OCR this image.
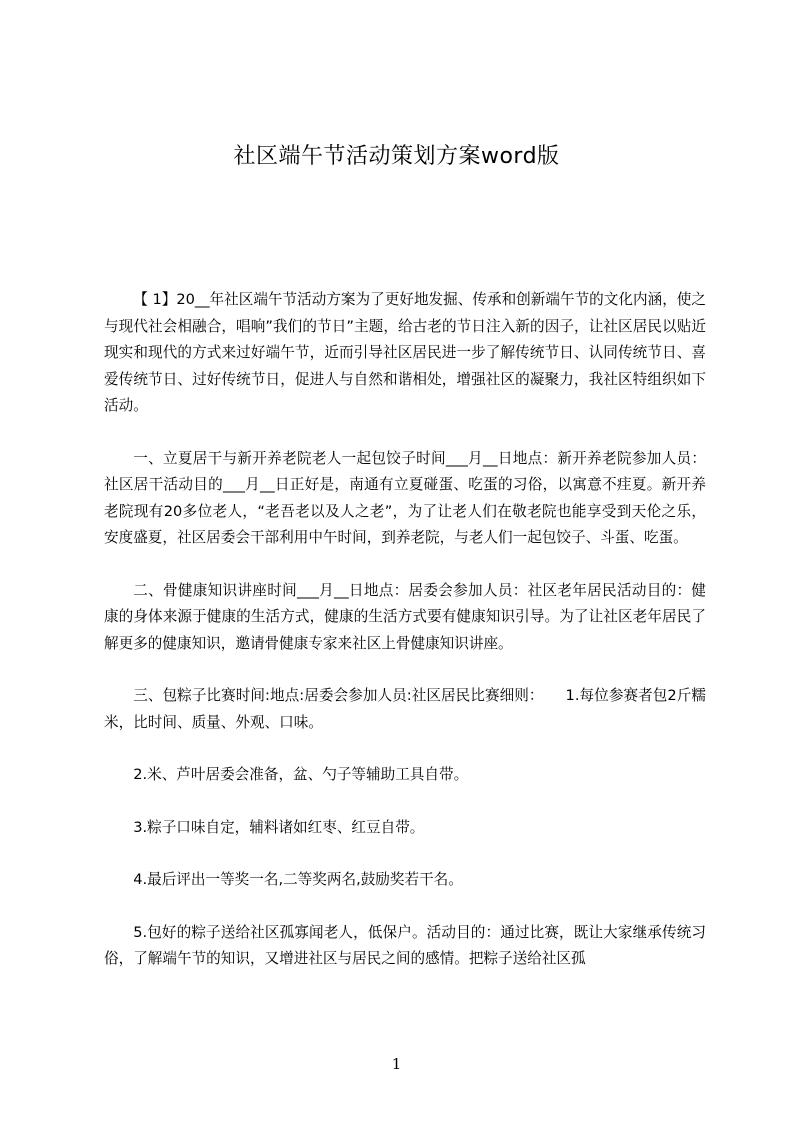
社区端午节活动策划方案word版

【 1】20__年社区端午节活动方案为了更好地发掘、传承和创新端午节的文化内涵，使之与现代社会相融合，唱响”我们的节日”主题，给古老的节日注入新的因子，让社区居民以贴近现实和现代的方式来过好端午节，近而引导社区居民进一步了解传统节日、认同传统节日、喜爱传统节日、过好传统节日，促进人与自然和谐相处，增强社区的凝聚力，我社区特组织如下活动。

一、立夏居干与新开养老院老人一起包饺子时间___月__日地点：新开养老院参加人员：社区居干活动目的___月__日正好是，南通有立夏碰蛋、吃蛋的习俗，以寓意不疰夏。新开养老院现有20多位老人，“老吾老以及人之老”，为了让老人们在敬老院也能享受到天伦之乐，安度盛夏，社区居委会干部利用中午时间，到养老院，与老人们一起包饺子、斗蛋、吃蛋。

二、骨健康知识讲座时间___月__日地点：居委会参加人员：社区老年居民活动目的：健康的身体来源于健康的生活方式，健康的生活方式要有健康知识引导。为了让社区老年居民了解更多的健康知识，邀请骨健康专家来社区上骨健康知识讲座。

三、包粽子比赛时间:地点:居委会参加人员:社区居民比赛细则：　　1.每位参赛者包2斤糯米，比时间、质量、外观、口味。

2.米、芦叶居委会准备，盆、勺子等辅助工具自带。

3.粽子口味自定，辅料诸如红枣、红豆自带。

4.最后评出一等奖一名,二等奖两名,鼓励奖若干名。

5.包好的粽子送给社区孤寡闻老人，低保户。活动目的：通过比赛，既让大家继承传统习俗，了解端午节的知识，又增进社区与居民之间的感情。把粽子送给社区孤

1
